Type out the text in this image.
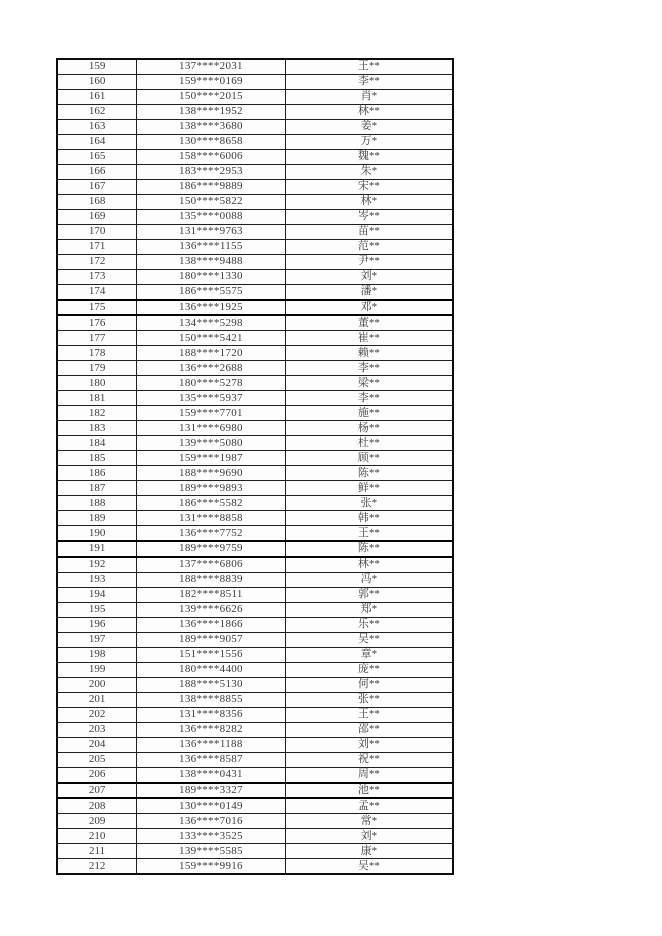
159	137****2031	王**
160	159****0169	李**
161	150****2015	肖*
162	138****1952	林**
163	138****3680	姜*
164	130****8658	万*
165	158****6006	魏**
166	183****2953	朱*
167	186****9889	宋**
168	150****5822	林*
169	135****0088	岑**
170	131****9763	苗**
171	136****1155	范**
172	138****9488	尹**
173	180****1330	刘*
174	186****5575	潘*
175	136****1925	邓*
176	134****5298	董**
177	150****5421	崔**
178	188****1720	赖**
179	136****2688	李**
180	180****5278	梁**
181	135****5937	李**
182	159****7701	施**
183	131****6980	杨**
184	139****5080	杜**
185	159****1987	顾**
186	188****9690	陈**
187	189****9893	鲜**
188	186****5582	张*
189	131****8858	韩**
190	136****7752	王**
191	189****9759	陈**
192	137****6806	林**
193	188****8839	冯*
194	182****8511	郭**
195	139****6626	郑*
196	136****1866	乐**
197	189****9057	吴**
198	151****1556	章*
199	180****4400	庞**
200	188****5130	何**
201	138****8855	张**
202	131****8356	王**
203	136****8282	邵**
204	136****1188	刘**
205	136****8587	祝**
206	138****0431	周**
207	189****3327	池**
208	130****0149	孟**
209	136****7016	常*
210	133****3525	刘*
211	139****5585	康*
212	159****9916	吴**
